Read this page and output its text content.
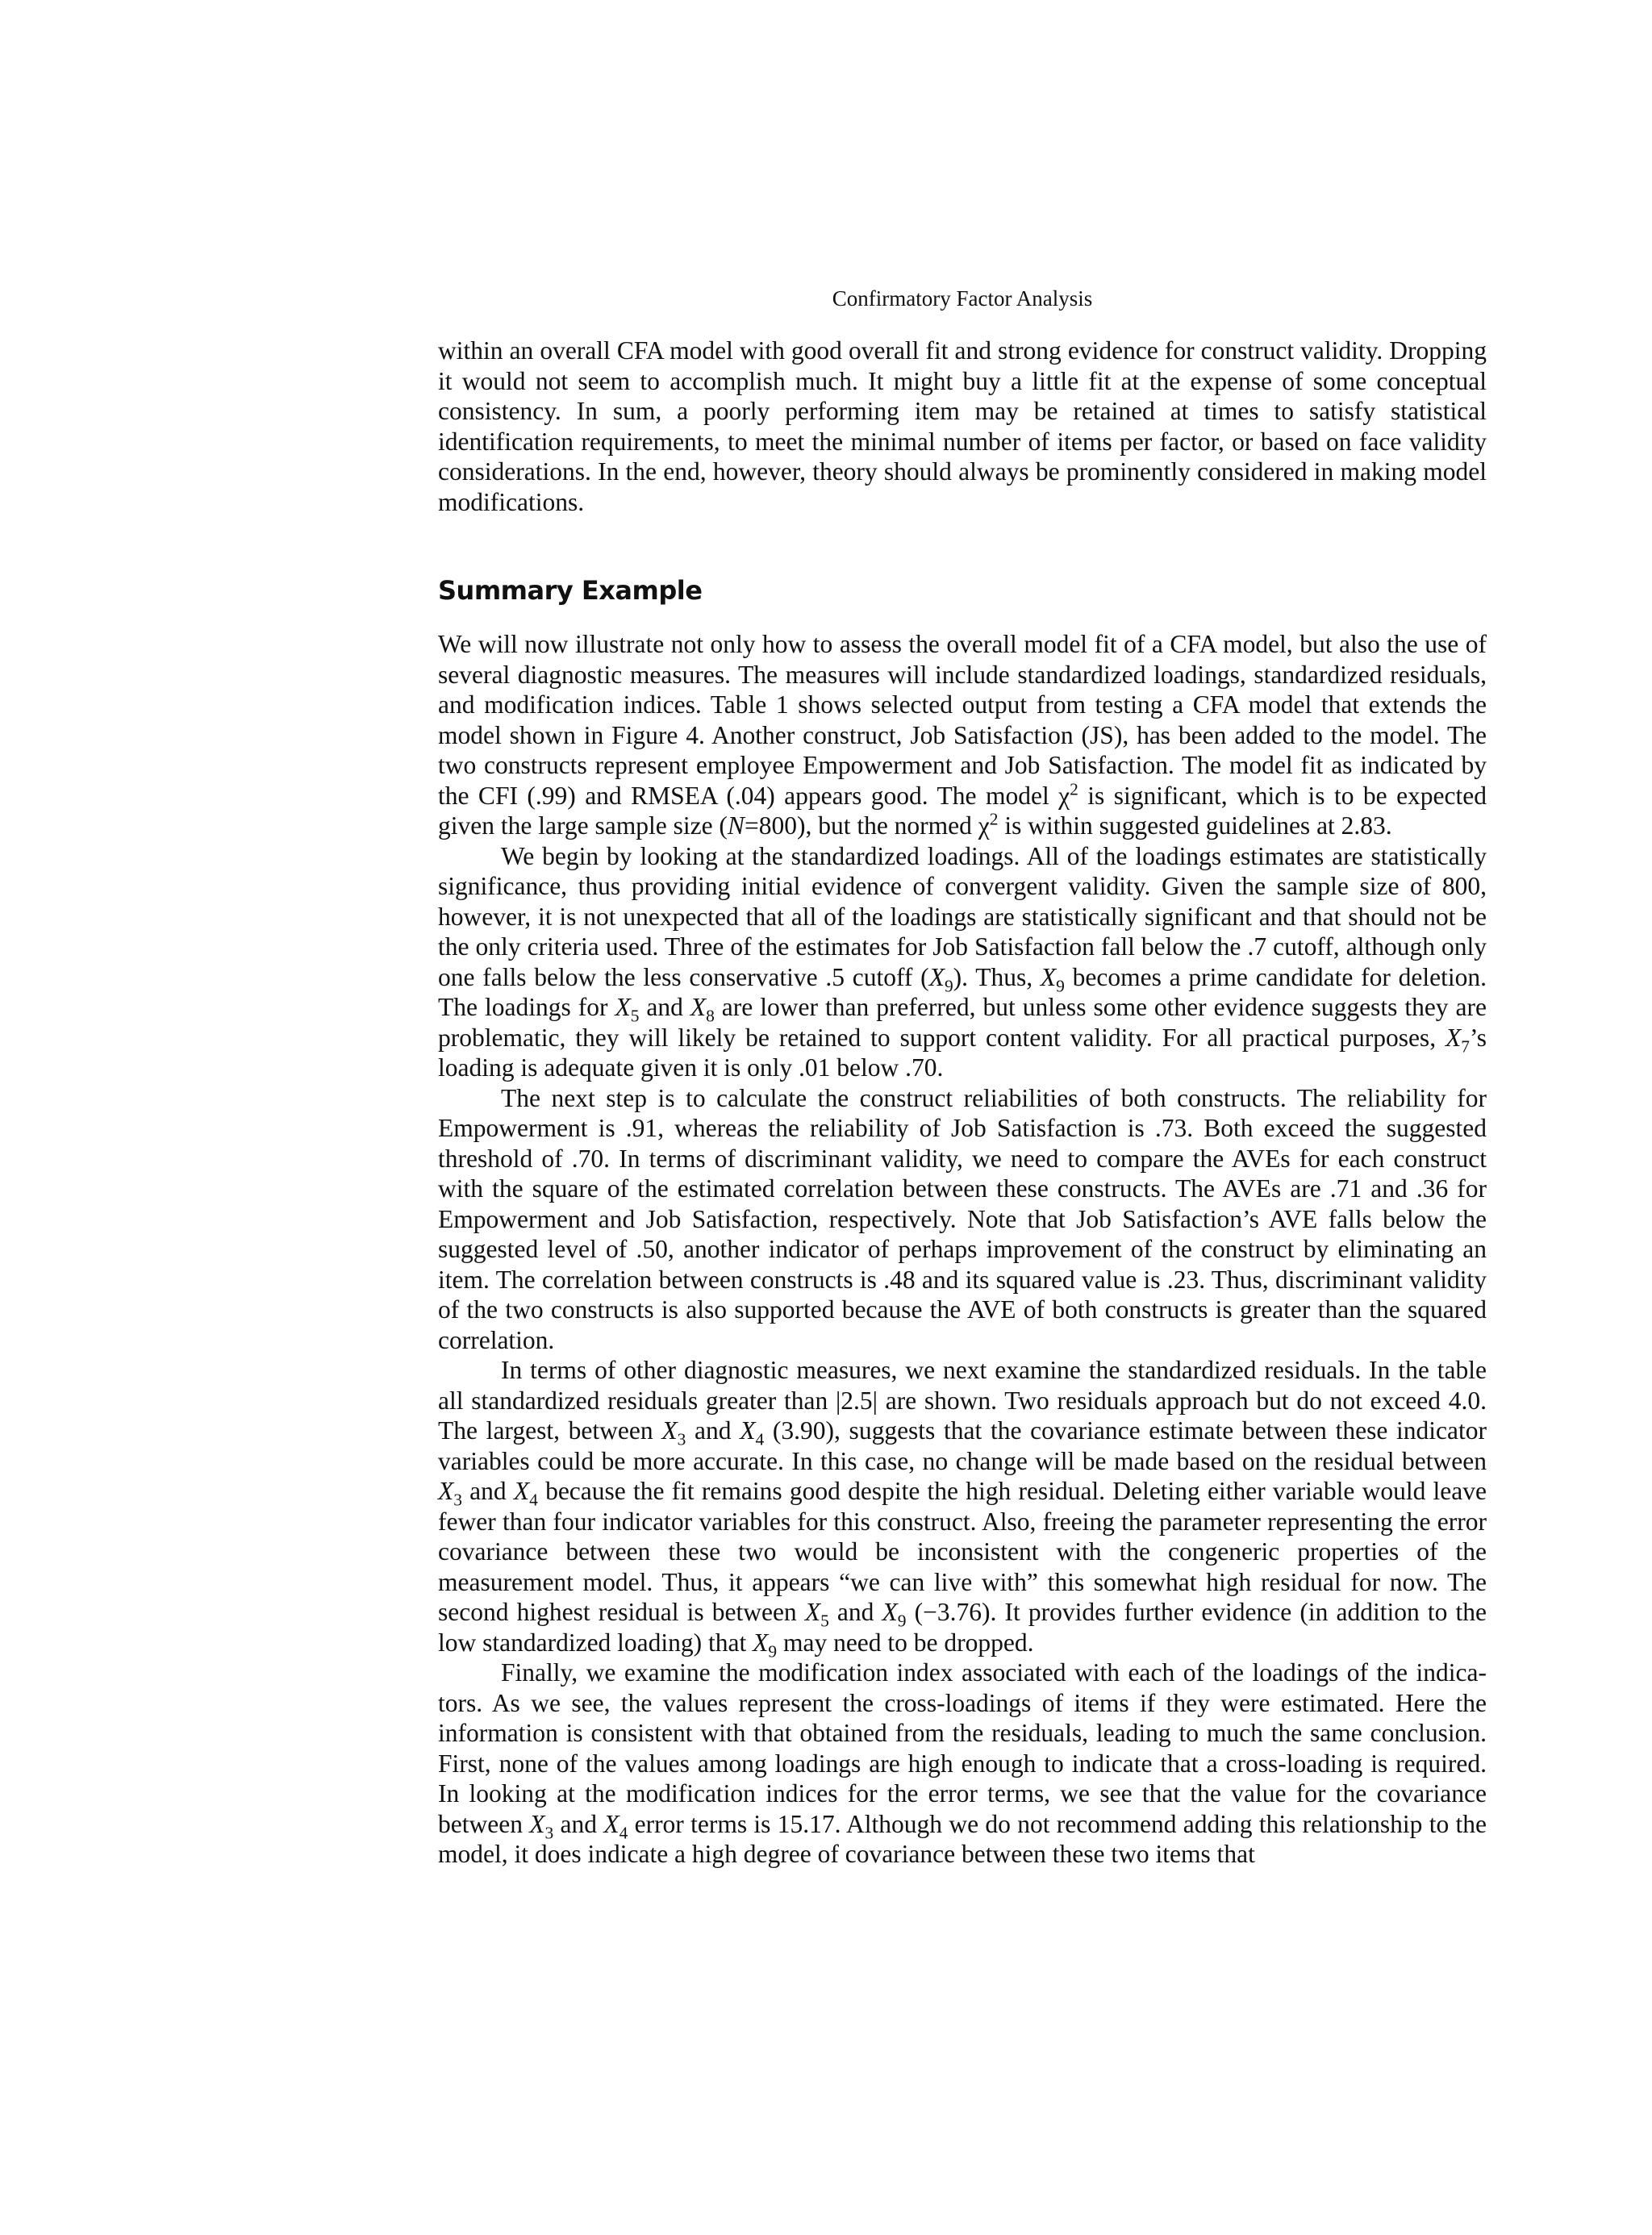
Confirmatory Factor Analysis

within an overall CFA model with good overall fit and strong evidence for construct validity. Dropping it would not seem to accomplish much. It might buy a little fit at the expense of some conceptual consistency. In sum, a poorly performing item may be retained at times to satisfy statistical identification requirements, to meet the minimal number of items per factor, or based on face validity considerations. In the end, however, theory should always be prominently considered in making model modifications.

Summary Example

We will now illustrate not only how to assess the overall model fit of a CFA model, but also the use of several diagnostic measures. The measures will include standardized loadings, standardized residuals, and modification indices. Table 1 shows selected output from testing a CFA model that extends the model shown in Figure 4. Another construct, Job Satisfaction (JS), has been added to the model. The two constructs represent employee Empowerment and Job Satisfaction. The model fit as indicated by the CFI (.99) and RMSEA (.04) appears good. The model $\chi^2$ is significant, which is to be expected given the large sample size (N=800), but the normed $\chi^2$ is within suggested guidelines at 2.83.

We begin by looking at the standardized loadings. All of the loadings estimates are statistically significance, thus providing initial evidence of convergent validity. Given the sample size of 800, however, it is not unexpected that all of the loadings are statistically significant and that should not be the only criteria used. Three of the estimates for Job Satisfaction fall below the .7 cutoff, although only one falls below the less conservative .5 cutoff $(X_9)$. Thus, $X_9$ becomes a prime candidate for deletion. The loadings for $X_5$ and $X_8$ are lower than preferred, but unless some other evidence suggests they are problematic, they will likely be retained to support content validity. For all practical purposes, $X_7’s$ loading is adequate given it is only .01 below .70.

The next step is to calculate the construct reliabilities of both constructs. The reliability for Empowerment is .91, whereas the reliability of Job Satisfaction is .73. Both exceed the suggested threshold of .70. In terms of discriminant validity, we need to compare the AVEs for each construct with the square of the estimated correlation between these constructs. The AVEs are .71 and .36 for Empowerment and Job Satisfaction, respectively. Note that Job Satisfaction’s AVE falls below the suggested level of .50, another indicator of perhaps improvement of the construct by eliminating an item. The correlation between constructs is .48 and its squared value is .23. Thus, discriminant validity of the two constructs is also supported because the AVE of both constructs is greater than the squared correlation.

In terms of other diagnostic measures, we next examine the standardized residuals. In the table all standardized residuals greater than |2.5| are shown. Two residuals approach but do not exceed 4.0. The largest, between $X_3$ and $X_4$ (3.90), suggests that the covariance estimate between these indicator variables could be more accurate. In this case, no change will be made based on the residual between $X_3$ and $X_4$ because the fit remains good despite the high residual. Deleting either variable would leave fewer than four indicator variables for this construct. Also, freeing the parameter representing the error covariance between these two would be inconsistent with the congeneric properties of the measurement model. Thus, it appears “we can live with” this somewhat high residual for now. The second highest residual is between $X_5$ and $X_9$ (−3.76). It provides further evidence (in addition to the low standardized loading) that $X_9$ may need to be dropped.

Finally, we examine the modification index associated with each of the loadings of the indicators. As we see, the values represent the cross-loadings of items if they were estimated. Here the information is consistent with that obtained from the residuals, leading to much the same conclusion. First, none of the values among loadings are high enough to indicate that a cross-loading is required. In looking at the modification indices for the error terms, we see that the value for the covariance between $X_3$ and $X_4$ error terms is 15.17. Although we do not recommend adding this relationship to the model, it does indicate a high degree of covariance between these two items that
